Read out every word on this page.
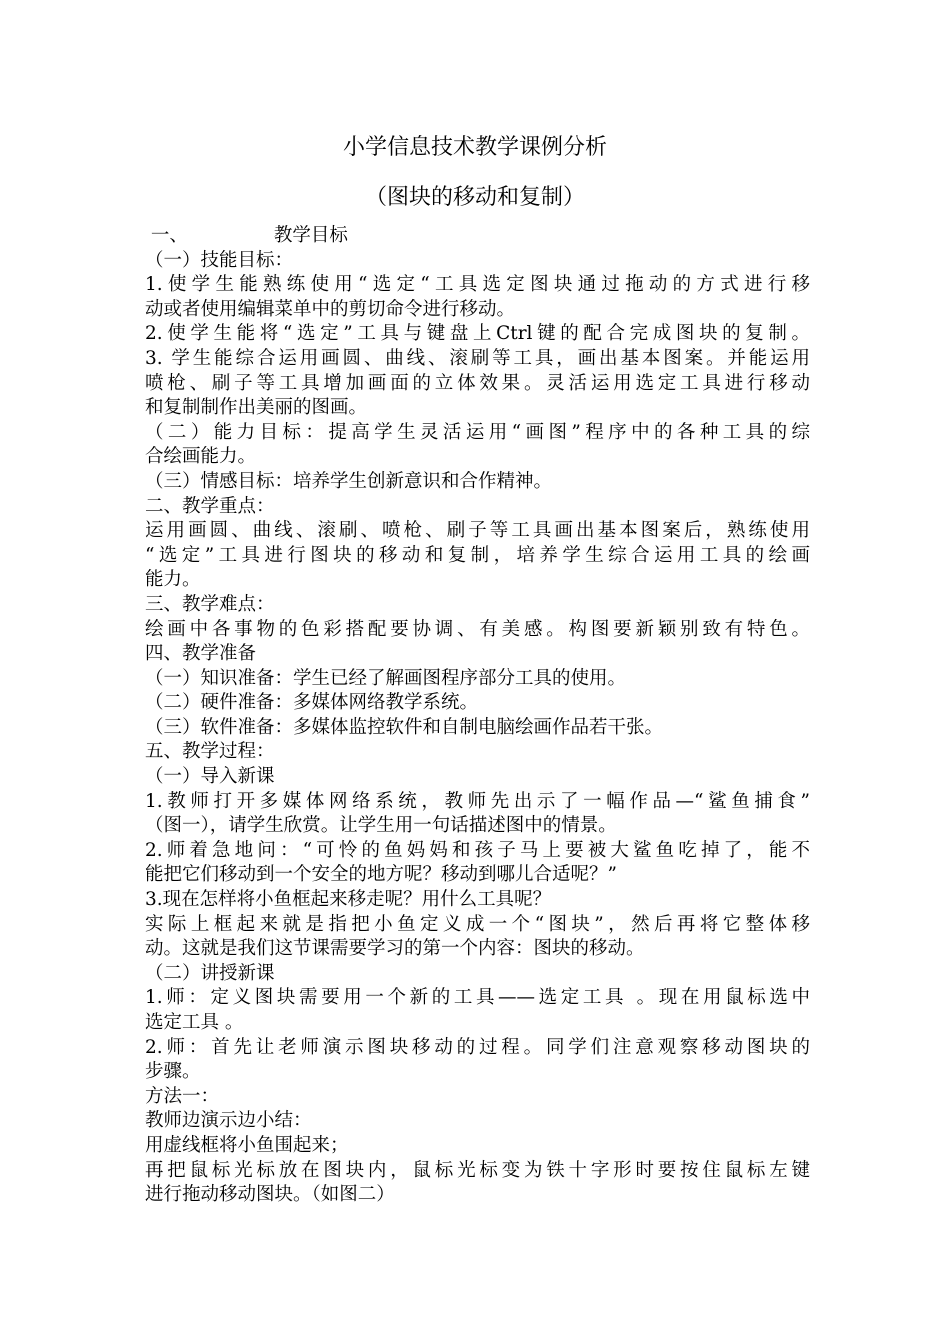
小学信息技术教学课例分析
（图块的移动和复制）
一、	教学目标
（一）技能目标：
1.使学生能熟练使用“选定“工具选定图块通过拖动的方式进行移
动或者使用编辑菜单中的剪切命令进行移动。
2.使学生能将“选定”工具与键盘上Ctrl键的配合完成图块的复制。
3. 学生能综合运用画圆、曲线、滚刷等工具，画出基本图案。并能运用
喷枪、刷子等工具增加画面的立体效果。灵活运用选定工具进行移动
和复制制作出美丽的图画。
（二）能力目标：提高学生灵活运用“画图”程序中的各种工具的综
合绘画能力。
（三）情感目标：培养学生创新意识和合作精神。
二、教学重点：
运用画圆、曲线、滚刷、喷枪、刷子等工具画出基本图案后，熟练使用
“选定”工具进行图块的移动和复制，培养学生综合运用工具的绘画
能力。
三、教学难点：
绘画中各事物的色彩搭配要协调、有美感。构图要新颖别致有特色。
四、教学准备
（一）知识准备：学生已经了解画图程序部分工具的使用。
（二）硬件准备：多媒体网络教学系统。
（三）软件准备：多媒体监控软件和自制电脑绘画作品若干张。
五、教学过程：
（一）导入新课
1.教师打开多媒体网络系统，教师先出示了一幅作品—“鲨鱼捕食”
（图一），请学生欣赏。让学生用一句话描述图中的情景。
2.师着急地问：“可怜的鱼妈妈和孩子马上要被大鲨鱼吃掉了，能不
能把它们移动到一个安全的地方呢？移动到哪儿合适呢？”
3.现在怎样将小鱼框起来移走呢？用什么工具呢？
实际上框起来就是指把小鱼定义成一个“图块”，然后再将它整体移
动。这就是我们这节课需要学习的第一个内容：图块的移动。
（二）讲授新课
1.师：定义图块需要用一个新的工具——选定工具 。现在用鼠标选中
选定工具 。
2.师：首先让老师演示图块移动的过程。同学们注意观察移动图块的
步骤。
方法一：
教师边演示边小结：
用虚线框将小鱼围起来；
再把鼠标光标放在图块内，鼠标光标变为铁十字形时要按住鼠标左键
进行拖动移动图块。（如图二）
